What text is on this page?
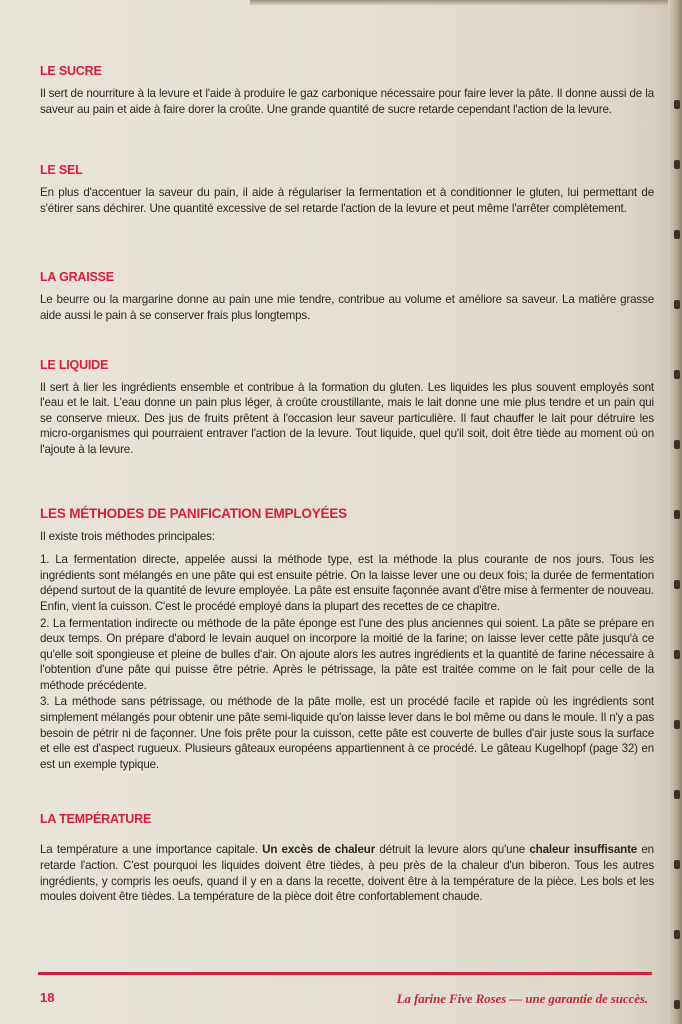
LE SUCRE

Il sert de nourriture à la levure et l'aide à produire le gaz carbonique nécessaire pour faire lever la pâte. Il donne aussi de la saveur au pain et aide à faire dorer la croûte. Une grande quantité de sucre retarde cependant l'action de la levure.

LE SEL

En plus d'accentuer la saveur du pain, il aide à régulariser la fermentation et à conditionner le gluten, lui permettant de s'étirer sans déchirer. Une quantité excessive de sel retarde l'action de la levure et peut même l'arrêter complètement.

LA GRAISSE

Le beurre ou la margarine donne au pain une mie tendre, contribue au volume et améliore sa saveur. La matière grasse aide aussi le pain à se conserver frais plus longtemps.

LE LIQUIDE

Il sert à lier les ingrédients ensemble et contribue à la formation du gluten. Les liquides les plus souvent employés sont l'eau et le lait. L'eau donne un pain plus léger, à croûte croustillante, mais le lait donne une mie plus tendre et un pain qui se conserve mieux. Des jus de fruits prêtent à l'occasion leur saveur particulière. Il faut chauffer le lait pour détruire les micro-organismes qui pourraient entraver l'action de la levure. Tout liquide, quel qu'il soit, doit être tiède au moment où on l'ajoute à la levure.

LES MÉTHODES DE PANIFICATION EMPLOYÉES

Il existe trois méthodes principales:

1. La fermentation directe, appelée aussi la méthode type, est la méthode la plus courante de nos jours. Tous les ingrédients sont mélangés en une pâte qui est ensuite pétrie. On la laisse lever une ou deux fois; la durée de fermentation dépend surtout de la quantité de levure employée. La pâte est ensuite façonnée avant d'être mise à fermenter de nouveau. Enfin, vient la cuisson. C'est le procédé employé dans la plupart des recettes de ce chapitre.

2. La fermentation indirecte ou méthode de la pâte éponge est l'une des plus anciennes qui soient. La pâte se prépare en deux temps. On prépare d'abord le levain auquel on incorpore la moitié de la farine; on laisse lever cette pâte jusqu'à ce qu'elle soit spongieuse et pleine de bulles d'air. On ajoute alors les autres ingrédients et la quantité de farine nécessaire à l'obtention d'une pâte qui puisse être pétrie. Après le pétrissage, la pâte est traitée comme on le fait pour celle de la méthode précédente.

3. La méthode sans pétrissage, ou méthode de la pâte molle, est un procédé facile et rapide où les ingrédients sont simplement mélangés pour obtenir une pâte semi-liquide qu'on laisse lever dans le bol même ou dans le moule. Il n'y a pas besoin de pétrir ni de façonner. Une fois prête pour la cuisson, cette pâte est couverte de bulles d'air juste sous la surface et elle est d'aspect rugueux. Plusieurs gâteaux européens appartiennent à ce procédé. Le gâteau Kugelhopf (page 32) en est un exemple typique.

LA TEMPÉRATURE

La température a une importance capitale. Un excès de chaleur détruit la levure alors qu'une chaleur insuffisante en retarde l'action. C'est pourquoi les liquides doivent être tièdes, à peu près de la chaleur d'un biberon. Tous les autres ingrédients, y compris les oeufs, quand il y en a dans la recette, doivent être à la température de la pièce. Les bols et les moules doivent être tièdes. La température de la pièce doit être confortablement chaude.

18	La farine Five Roses — une garantie de succès.
